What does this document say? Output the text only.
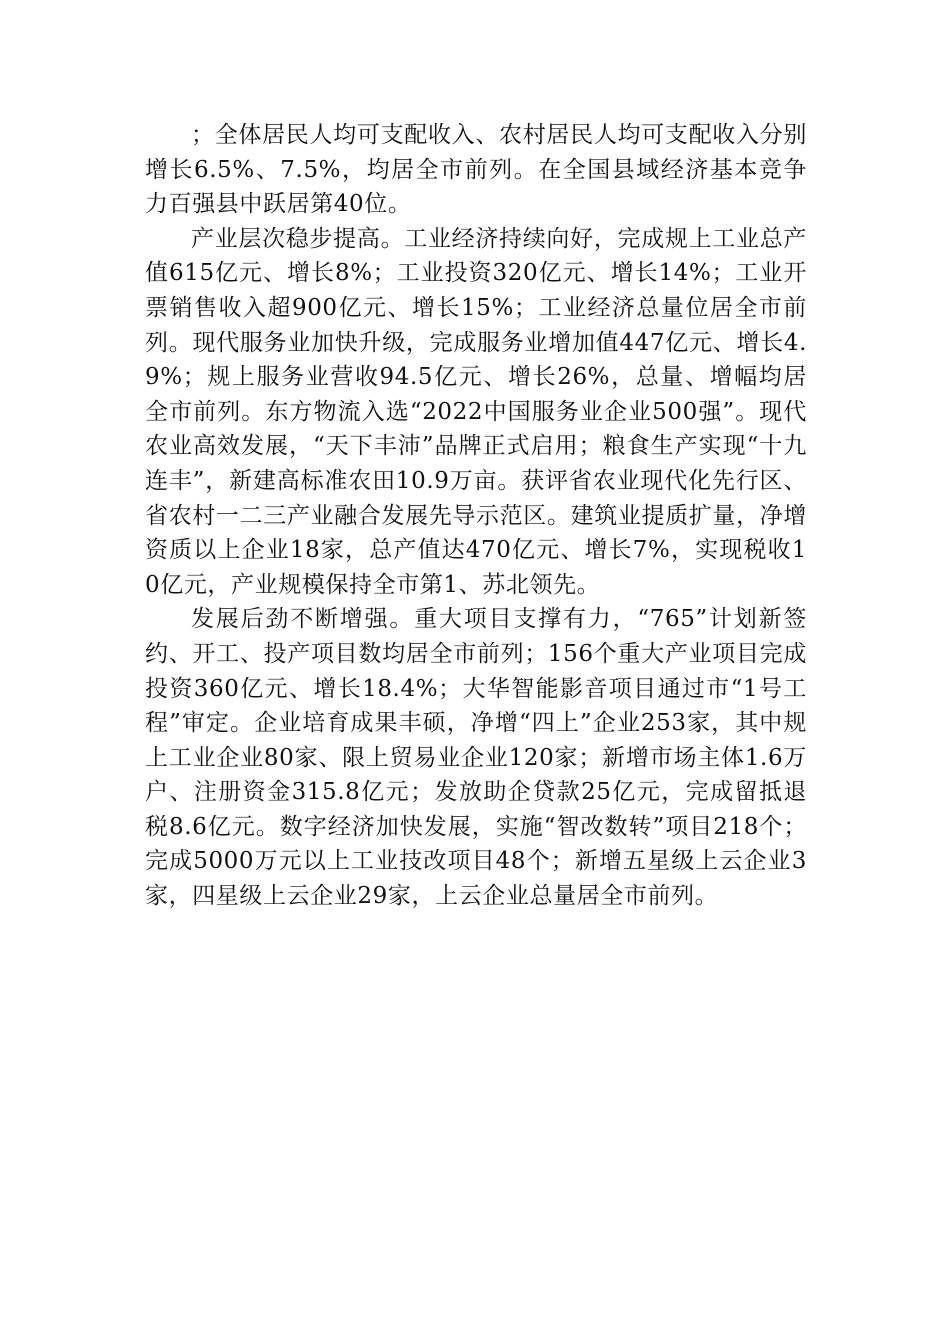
；全体居民人均可支配收入、农村居民人均可支配收入分别增长6.5%、7.5%，均居全市前列。在全国县域经济基本竞争力百强县中跃居第40位。

产业层次稳步提高。工业经济持续向好，完成规上工业总产值615亿元、增长8%；工业投资320亿元、增长14%；工业开票销售收入超900亿元、增长15%；工业经济总量位居全市前列。现代服务业加快升级，完成服务业增加值447亿元、增长4.9%；规上服务业营收94.5亿元、增长26%，总量、增幅均居全市前列。东方物流入选“2022中国服务业企业500强”。现代农业高效发展，“天下丰沛”品牌正式启用；粮食生产实现“十九连丰”，新建高标准农田10.9万亩。获评省农业现代化先行区、省农村一二三产业融合发展先导示范区。建筑业提质扩量，净增资质以上企业18家，总产值达470亿元、增长7%，实现税收10亿元，产业规模保持全市第1、苏北领先。

发展后劲不断增强。重大项目支撑有力，“765”计划新签约、开工、投产项目数均居全市前列；156个重大产业项目完成投资360亿元、增长18.4%；大华智能影音项目通过市“1号工程”审定。企业培育成果丰硕，净增“四上”企业253家，其中规上工业企业80家、限上贸易业企业120家；新增市场主体1.6万户、注册资金315.8亿元；发放助企贷款25亿元，完成留抵退税8.6亿元。数字经济加快发展，实施“智改数转”项目218个；完成5000万元以上工业技改项目48个；新增五星级上云企业3家，四星级上云企业29家，上云企业总量居全市前列。
